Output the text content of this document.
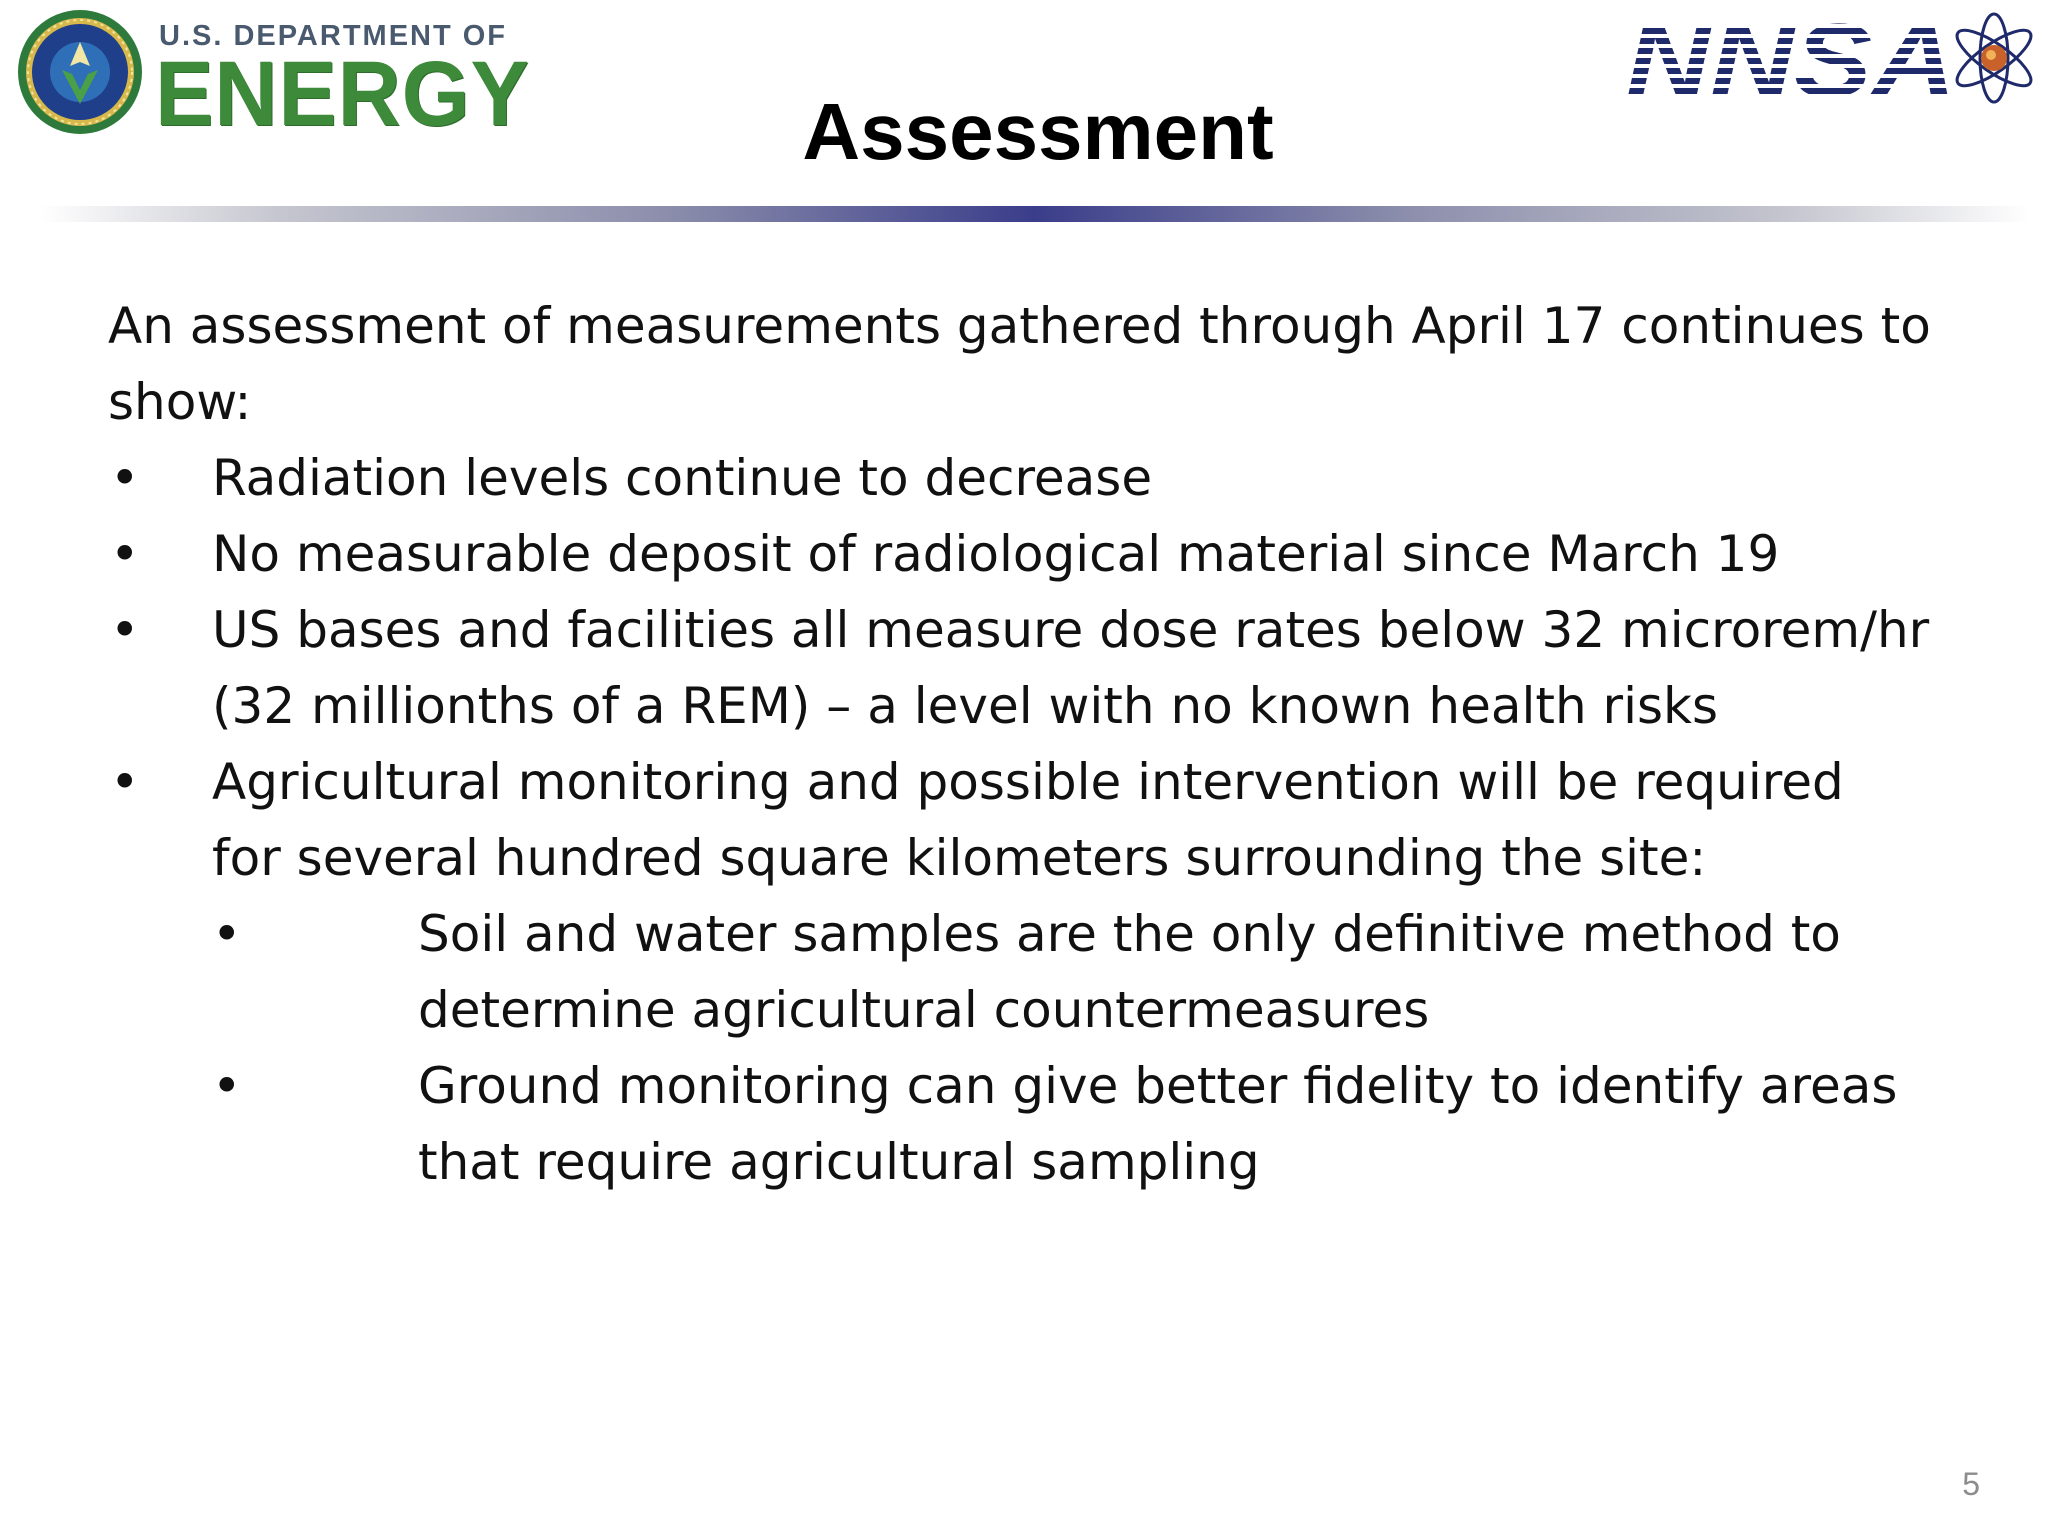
U.S. DEPARTMENT OF
ENERGY	NNSA
Assessment
An assessment of measurements gathered through April 17 continues to
show:
• Radiation levels continue to decrease
• No measurable deposit of radiological material since March 19
• US bases and facilities all measure dose rates below 32 microrem/hr
(32 millionths of a REM) – a level with no known health risks
• Agricultural monitoring and possible intervention will be required
for several hundred square kilometers surrounding the site:
•	Soil and water samples are the only definitive method to
determine agricultural countermeasures
•	Ground monitoring can give better fidelity to identify areas
that require agricultural sampling
5
